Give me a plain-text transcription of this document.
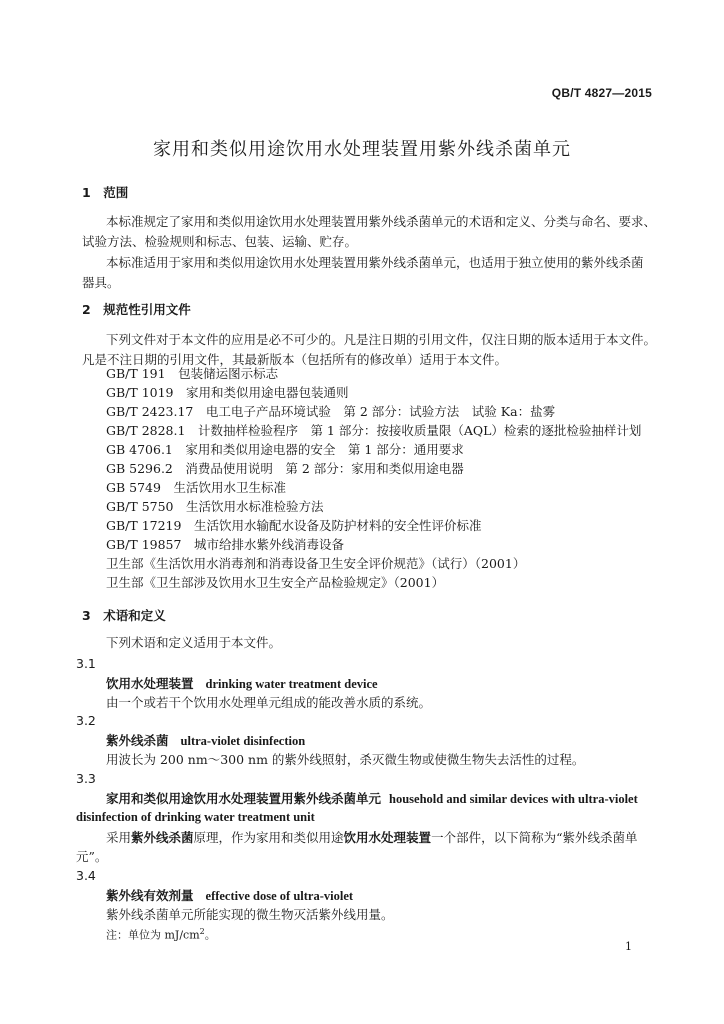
QB/T 4827—2015
家用和类似用途饮用水处理装置用紫外线杀菌单元
1　 范围
本标准规定了家用和类似用途饮用水处理装置用紫外线杀菌单元的术语和定义、分类与命名、要求、
试验方法、检验规则和标志、包装、运输、贮存。
本标准适用于家用和类似用途饮用水处理装置用紫外线杀菌单元，也适用于独立使用的紫外线杀菌
器具。
2　 规范性引用文件
下列文件对于本文件的应用是必不可少的。凡是注日期的引用文件，仅注日期的版本适用于本文件。
凡是不注日期的引用文件，其最新版本（包括所有的修改单）适用于本文件。
GB/T 191　 包装储运图示标志
GB/T 1019　 家用和类似用途电器包装通则
GB/T 2423.17　 电工电子产品环境试验　第 2 部分：试验方法　试验 Ka：盐雾
GB/T 2828.1　 计数抽样检验程序　第 1 部分：按接收质量限（AQL）检索的逐批检验抽样计划
GB 4706.1　 家用和类似用途电器的安全　第 1 部分：通用要求
GB 5296.2　 消费品使用说明　第 2 部分：家用和类似用途电器
GB 5749　 生活饮用水卫生标准
GB/T 5750　 生活饮用水标准检验方法
GB/T 17219　 生活饮用水输配水设备及防护材料的安全性评价标准
GB/T 19857　 城市给排水紫外线消毒设备
卫生部《生活饮用水消毒剂和消毒设备卫生安全评价规范》（试行）（2001）
卫生部《卫生部涉及饮用水卫生安全产品检验规定》（2001）
3　 术语和定义
下列术语和定义适用于本文件。
3.1
饮用水处理装置 drinking water treatment device
由一个或若干个饮用水处理单元组成的能改善水质的系统。
3.2
紫外线杀菌 ultra-violet disinfection
用波长为 200 nm～300 nm 的紫外线照射，杀灭微生物或使微生物失去活性的过程。
3.3
家用和类似用途饮用水处理装置用紫外线杀菌单元 household and similar devices with ultra-violet
disinfection of drinking water treatment unit
采用紫外线杀菌原理，作为家用和类似用途饮用水处理装置一个部件，以下简称为“紫外线杀菌单
元”。
3.4
紫外线有效剂量 effective dose of ultra-violet
紫外线杀菌单元所能实现的微生物灭活紫外线用量。
注：单位为 $mJ/cm^2$。
1
